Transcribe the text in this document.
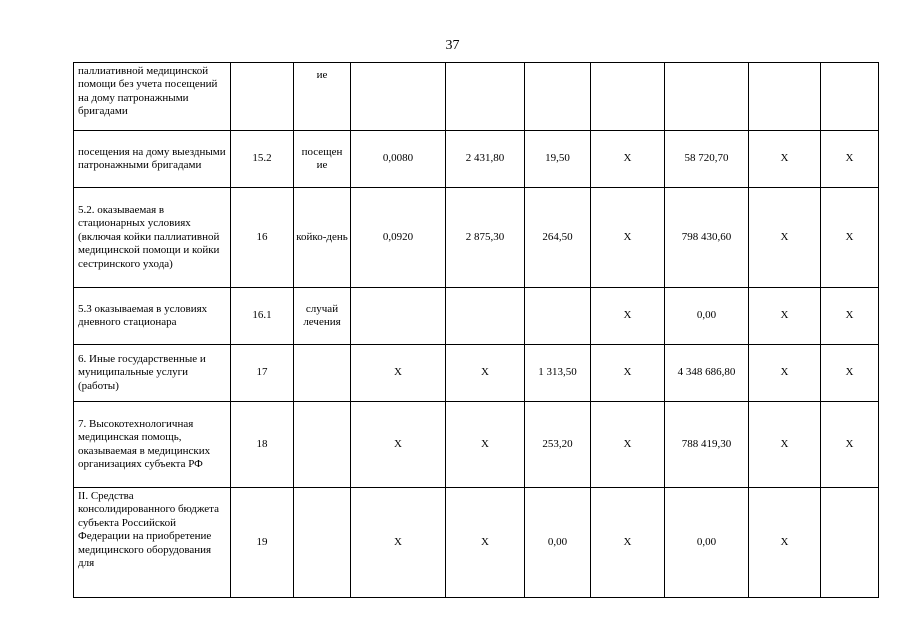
37
паллиативной медицинской помощи без учета посещений на дому патронажными бригадами		ие							
посещения на дому выездными патронажными бригадами	15.2	посещен ие	0,0080	2 431,80	19,50	X	58 720,70	X	X
5.2. оказываемая в стационарных условиях (включая койки паллиативной медицинской помощи и койки сестринского ухода)	16	койко-день	0,0920	2 875,30	264,50	X	798 430,60	X	X
5.3 оказываемая в условиях дневного стационара	16.1	случай лечения				X	0,00	X	X
6. Иные государственные и муниципальные услуги (работы)	17		X	X	1 313,50	X	4 348 686,80	X	X
7. Высокотехнологичная медицинская помощь, оказываемая в медицинских организациях субъекта РФ	18		X	X	253,20	X	788 419,30	X	X
II. Средства консолидированного бюджета субъекта Российской Федерации на приобретение медицинского оборудования для	19		X	X	0,00	X	0,00	X	
